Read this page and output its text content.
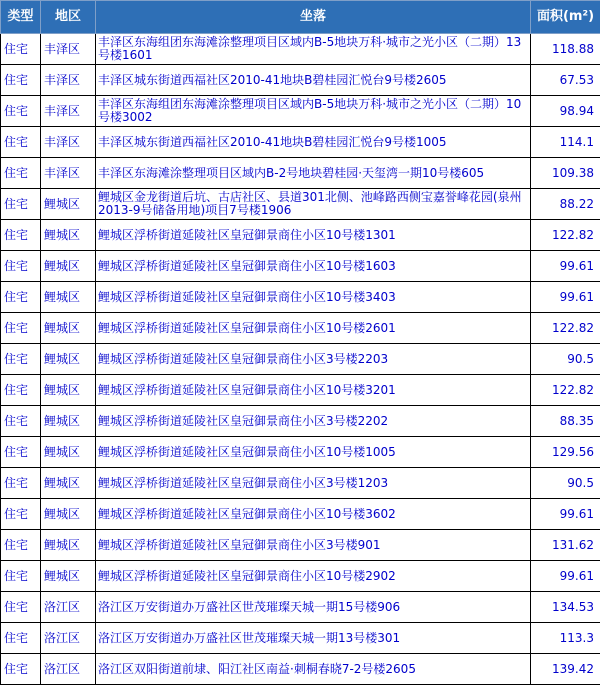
类型	地区	坐落	面积(m²)
住宅	丰泽区	丰泽区东海组团东海滩涂整理项目区域内B-5地块万科·城市之光小区（二期）13号楼1601	118.88
住宅	丰泽区	丰泽区城东街道西福社区2010-41地块B碧桂园汇悦台9号楼2605	67.53
住宅	丰泽区	丰泽区东海组团东海滩涂整理项目区域内B-5地块万科·城市之光小区（二期）10号楼3002	98.94
住宅	丰泽区	丰泽区城东街道西福社区2010-41地块B碧桂园汇悦台9号楼1005	114.1
住宅	丰泽区	丰泽区东海滩涂整理项目区域内B-2号地块碧桂园·天玺湾一期10号楼605	109.38
住宅	鲤城区	鲤城区金龙街道后坑、古店社区、县道301北侧、池峰路西侧宝嘉誉峰花园(泉州2013-9号储备用地)项目7号楼1906	88.22
住宅	鲤城区	鲤城区浮桥街道延陵社区皇冠御景商住小区10号楼1301	122.82
住宅	鲤城区	鲤城区浮桥街道延陵社区皇冠御景商住小区10号楼1603	99.61
住宅	鲤城区	鲤城区浮桥街道延陵社区皇冠御景商住小区10号楼3403	99.61
住宅	鲤城区	鲤城区浮桥街道延陵社区皇冠御景商住小区10号楼2601	122.82
住宅	鲤城区	鲤城区浮桥街道延陵社区皇冠御景商住小区3号楼2203	90.5
住宅	鲤城区	鲤城区浮桥街道延陵社区皇冠御景商住小区10号楼3201	122.82
住宅	鲤城区	鲤城区浮桥街道延陵社区皇冠御景商住小区3号楼2202	88.35
住宅	鲤城区	鲤城区浮桥街道延陵社区皇冠御景商住小区10号楼1005	129.56
住宅	鲤城区	鲤城区浮桥街道延陵社区皇冠御景商住小区3号楼1203	90.5
住宅	鲤城区	鲤城区浮桥街道延陵社区皇冠御景商住小区10号楼3602	99.61
住宅	鲤城区	鲤城区浮桥街道延陵社区皇冠御景商住小区3号楼901	131.62
住宅	鲤城区	鲤城区浮桥街道延陵社区皇冠御景商住小区10号楼2902	99.61
住宅	洛江区	洛江区万安街道办万盛社区世茂璀璨天城一期15号楼906	134.53
住宅	洛江区	洛江区万安街道办万盛社区世茂璀璨天城一期13号楼301	113.3
住宅	洛江区	洛江区双阳街道前埭、阳江社区南益·刺桐春晓7-2号楼2605	139.42
